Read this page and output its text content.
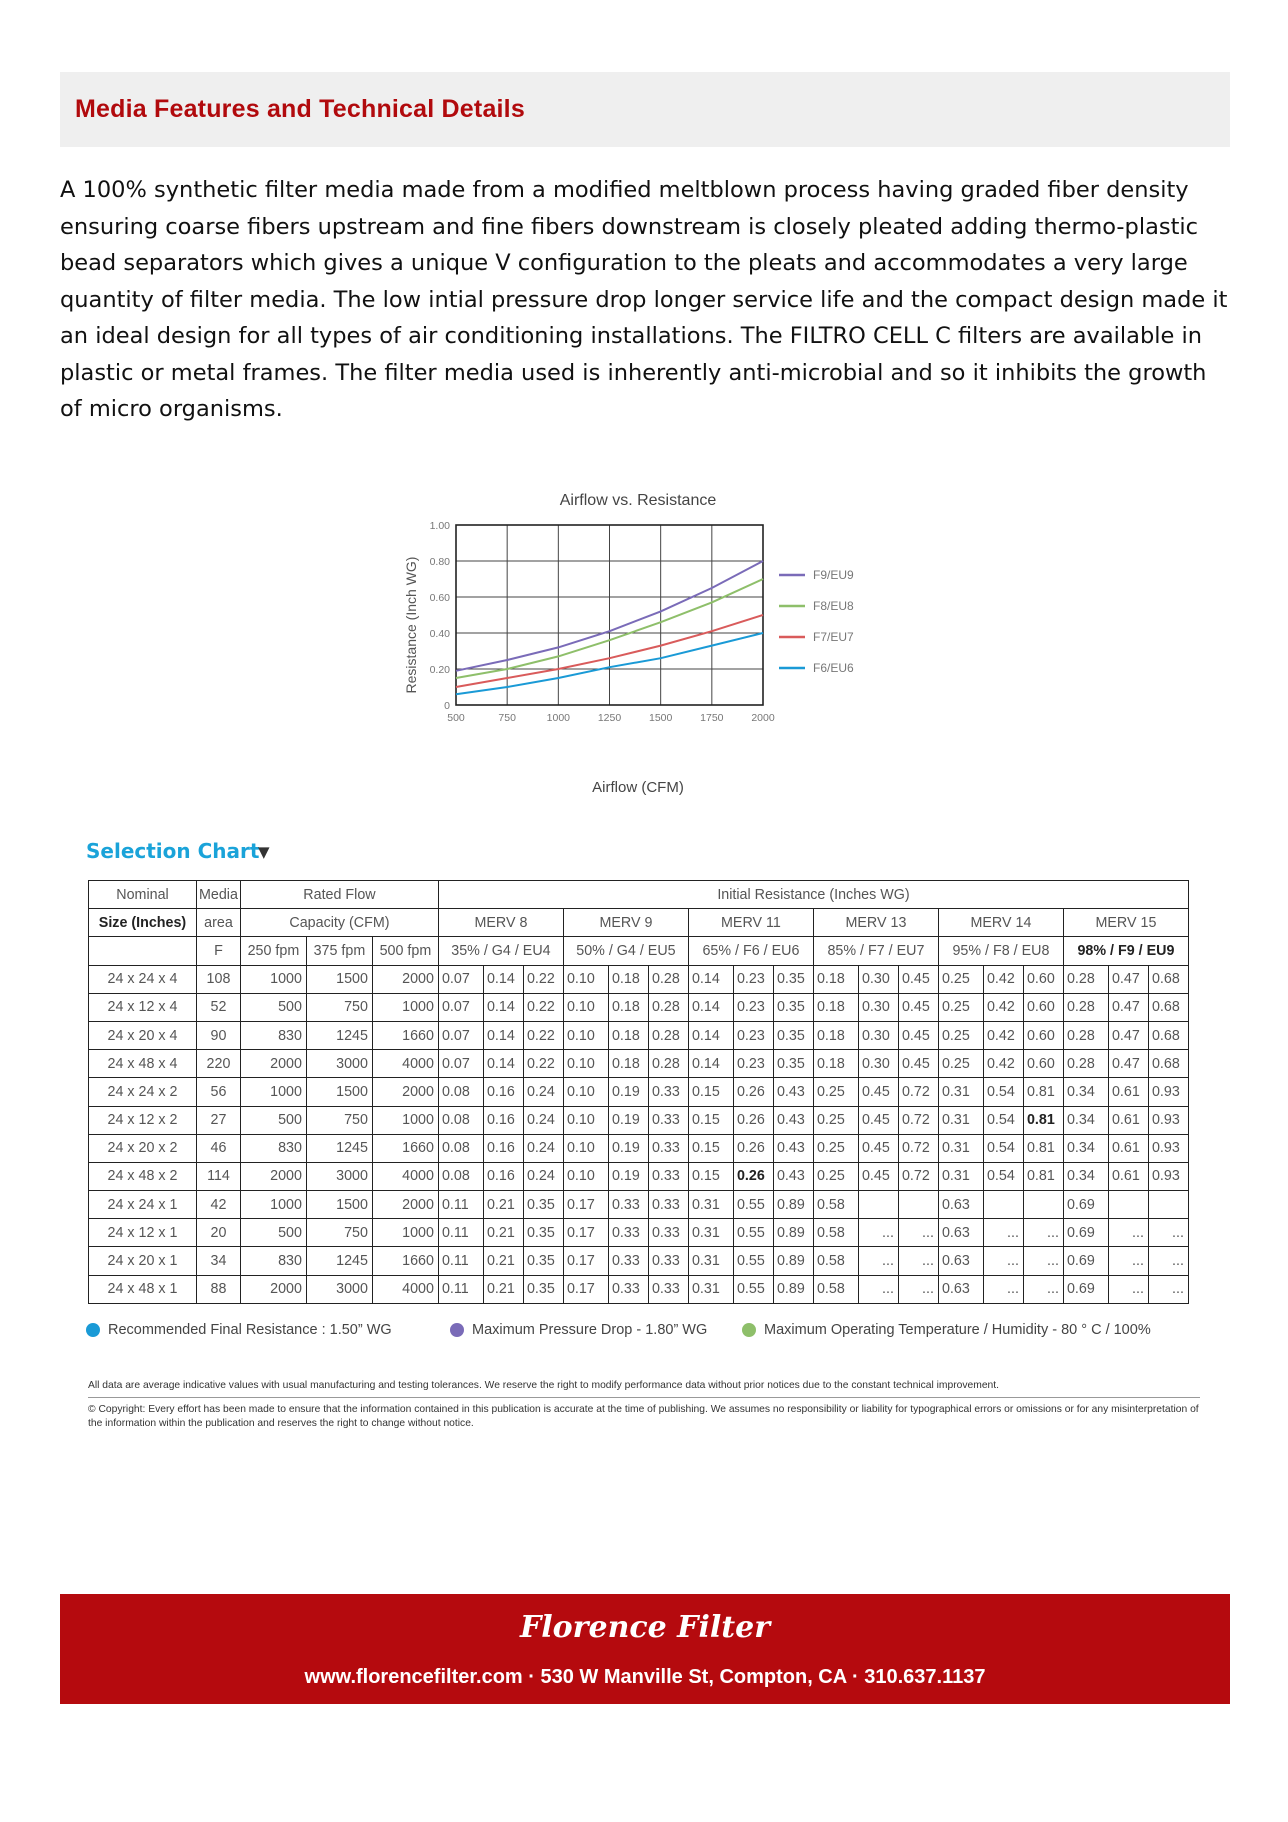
Media Features and Technical Details

A 100% synthetic filter media made from a modified meltblown process having graded fiber density ensuring coarse fibers upstream and fine fibers downstream is closely pleated adding thermo-plastic bead separators which gives a unique V configuration to the pleats and accommodates a very large quantity of filter media. The low intial pressure drop longer service life and the compact design made it an ideal design for all types of air conditioning installations. The FILTRO CELL C filters are available in plastic or metal frames. The filter media used is inherently anti-microbial and so it inhibits the growth of micro organisms.

Airflow vs. Resistance
0
0.20
0.40
0.60
0.80
1.00
500	750	1000	1250	1500	1750	2000
F9/EU9
F8/EU8
F7/EU7
F6/EU6
Airflow (CFM)
Resistance (Inch WG)
Selection Chart
▼
Nominal	Media	Rated Flow			Initial Resistance (Inches WG)																	
Size (Inches)	area	Capacity (CFM)			MERV 8			MERV 9			MERV 11			MERV 13			MERV 14			MERV 15		
	F	250 fpm	375 fpm	500 fpm	35% / G4 / EU4			50% / G4 / EU5			65% / F6 / EU6			85% / F7 / EU7			95% / F8 / EU8			98% / F9 / EU9		
24 x 24 x 4	108	1000	1500	2000	0.07	0.14	0.22	0.10	0.18	0.28	0.14	0.23	0.35	0.18	0.30	0.45	0.25	0.42	0.60	0.28	0.47	0.68
24 x 12 x 4	52	500	750	1000	0.07	0.14	0.22	0.10	0.18	0.28	0.14	0.23	0.35	0.18	0.30	0.45	0.25	0.42	0.60	0.28	0.47	0.68
24 x 20 x 4	90	830	1245	1660	0.07	0.14	0.22	0.10	0.18	0.28	0.14	0.23	0.35	0.18	0.30	0.45	0.25	0.42	0.60	0.28	0.47	0.68
24 x 48 x 4	220	2000	3000	4000	0.07	0.14	0.22	0.10	0.18	0.28	0.14	0.23	0.35	0.18	0.30	0.45	0.25	0.42	0.60	0.28	0.47	0.68
24 x 24 x 2	56	1000	1500	2000	0.08	0.16	0.24	0.10	0.19	0.33	0.15	0.26	0.43	0.25	0.45	0.72	0.31	0.54	0.81	0.34	0.61	0.93
24 x 12 x 2	27	500	750	1000	0.08	0.16	0.24	0.10	0.19	0.33	0.15	0.26	0.43	0.25	0.45	0.72	0.31	0.54	0.81	0.34	0.61	0.93
24 x 20 x 2	46	830	1245	1660	0.08	0.16	0.24	0.10	0.19	0.33	0.15	0.26	0.43	0.25	0.45	0.72	0.31	0.54	0.81	0.34	0.61	0.93
24 x 48 x 2	114	2000	3000	4000	0.08	0.16	0.24	0.10	0.19	0.33	0.15	0.26	0.43	0.25	0.45	0.72	0.31	0.54	0.81	0.34	0.61	0.93
24 x 24 x 1	42	1000	1500	2000	0.11	0.21	0.35	0.17	0.33	0.33	0.31	0.55	0.89	0.58			0.63			0.69		
24 x 12 x 1	20	500	750	1000	0.11	0.21	0.35	0.17	0.33	0.33	0.31	0.55	0.89	0.58	...	...	0.63	...	...	0.69	...	...
24 x 20 x 1	34	830	1245	1660	0.11	0.21	0.35	0.17	0.33	0.33	0.31	0.55	0.89	0.58	...	...	0.63	...	...	0.69	...	...
24 x 48 x 1	88	2000	3000	4000	0.11	0.21	0.35	0.17	0.33	0.33	0.31	0.55	0.89	0.58	...	...	0.63	...	...	0.69	...	...
Recommended Final Resistance : 1.50” WG	Maximum Pressure Drop - 1.80” WG	Maximum Operating Temperature / Humidity - 80 ° C / 100%
All data are average indicative values with usual manufacturing and testing tolerances. We reserve the right to modify performance data without prior notices due to the constant technical improvement.
© Copyright: Every effort has been made to ensure that the information contained in this publication is accurate at the time of publishing. We assumes no responsibility or liability for typographical errors or omissions or for any misinterpretation of the information within the publication and reserves the right to change without notice.
Florence Filter
www.florencefilter.com · 530 W Manville St, Compton, CA · 310.637.1137
